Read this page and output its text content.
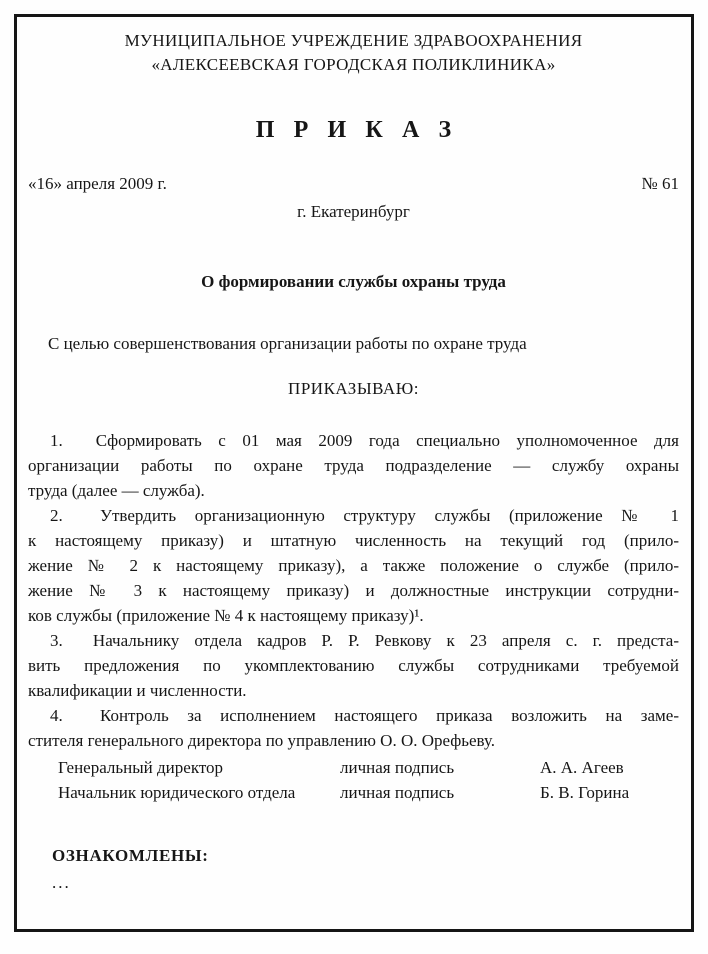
МУНИЦИПАЛЬНОЕ УЧРЕЖДЕНИЕ ЗДРАВООХРАНЕНИЯ
«АЛЕКСЕЕВСКАЯ ГОРОДСКАЯ ПОЛИКЛИНИКА»
П Р И К А З
«16» апреля 2009 г.	№ 61
г. Екатеринбург
О формировании службы охраны труда

С целью совершенствования организации работы по охране труда

ПРИКАЗЫВАЮ:

1.  Сформировать с 01 мая 2009 года специально уполномоченное для
организации работы по охране труда подразделение — службу охраны
труда (далее — служба).

2.  Утвердить организационную структуру службы (приложение № 1
к настоящему приказу) и штатную численность на текущий год (прило-
жение № 2 к настоящему приказу), а также положение о службе (прило-
жение № 3 к настоящему приказу) и должностные инструкции сотрудни-
ков службы (приложение № 4 к настоящему приказу)¹.

3.  Начальнику отдела кадров Р. Р. Ревкову к 23 апреля с. г. предста-
вить предложения по укомплектованию службы сотрудниками требуемой
квалификации и численности.

4.  Контроль за исполнением настоящего приказа возложить на заме-
стителя генерального директора по управлению О. О. Орефьеву.

Генеральный директор	личная подпись	А. А. Агеев
Начальник юридического отдела	личная подпись	Б. В. Горина
ОЗНАКОМЛЕНЫ:
...
